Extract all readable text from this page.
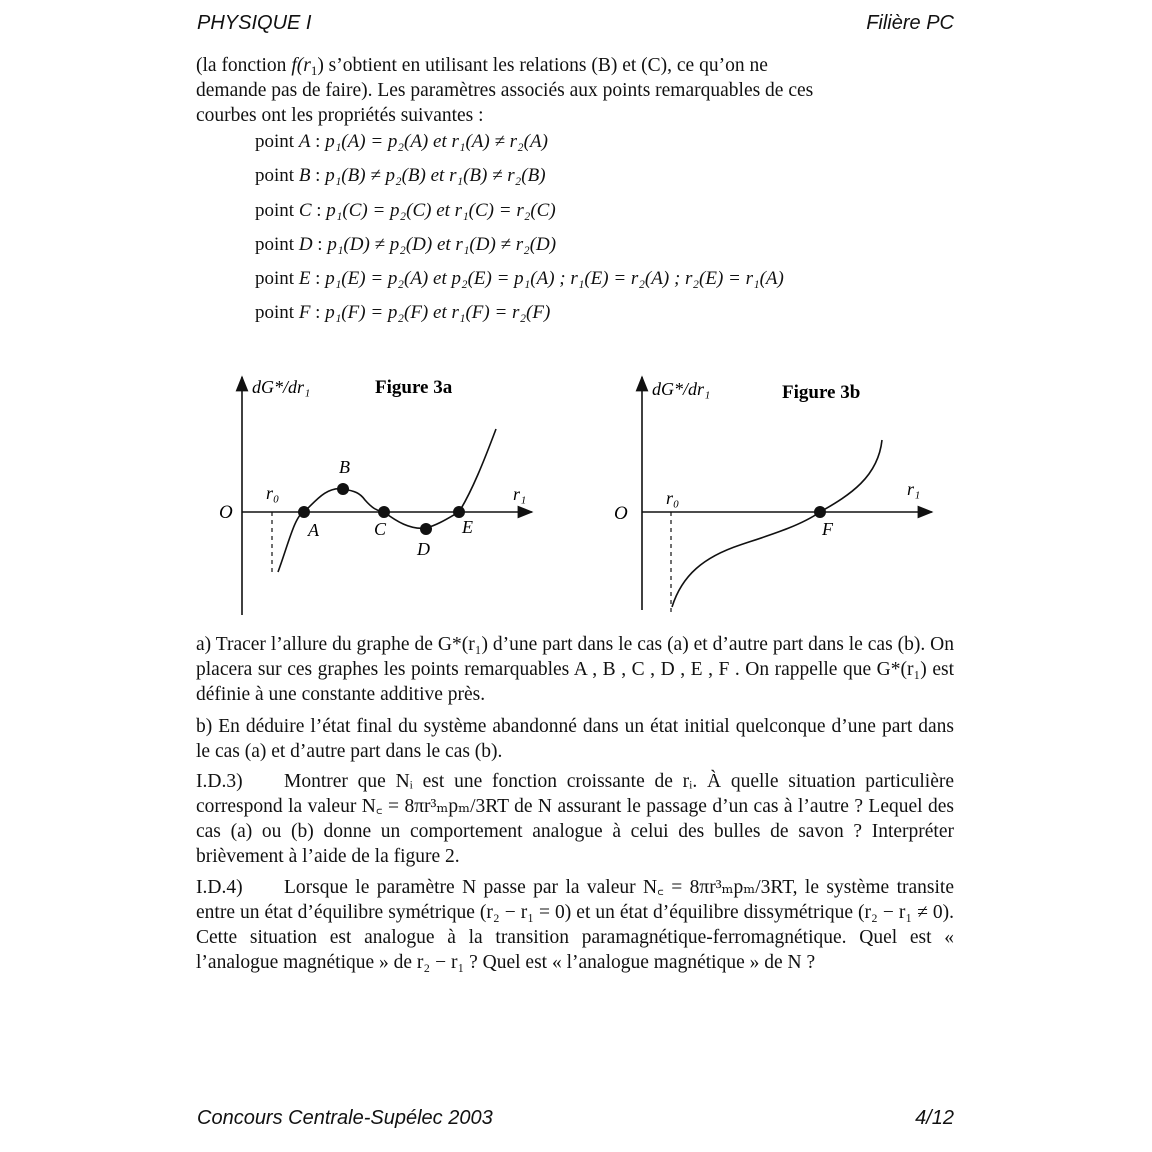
PHYSIQUE I	Filière PC
(la fonction $f(r_1)$ s’obtient en utilisant les relations (B) et (C), ce qu’on ne
demande pas de faire). Les paramètres associés aux points remarquables de ces
courbes ont les propriétés suivantes :
point A : p₁(A) = p₂(A) et r₁(A) ≠ r₂(A)
point B : p₁(B) ≠ p₂(B) et r₁(B) ≠ r₂(B)
point C : p₁(C) = p₂(C) et r₁(C) = r₂(C)
point D : p₁(D) ≠ p₂(D) et r₁(D) ≠ r₂(D)
point E : p₁(E) = p₂(A) et p₂(E) = p₁(A) ; r₁(E) = r₂(A) ; r₂(E) = r₁(A)
point F : p₁(F) = p₂(F) et r₁(F) = r₂(F)
dG*/dr₁	Figure 3a
O
r₀	r₁
A
B
C
D
E
dG*/dr₁	Figure 3b
O
r₀	r₁
F
a) Tracer l’allure du graphe de G*(r₁) d’une part dans le cas (a) et d’autre part dans le cas (b). On placera sur ces graphes les points remarquables A , B , C , D , E , F . On rappelle que G*(r₁) est définie à une constante additive près.
b) En déduire l’état final du système abandonné dans un état initial quelconque d’une part dans le cas (a) et d’autre part dans le cas (b).
I.D.3) Montrer que Nᵢ est une fonction croissante de rᵢ. À quelle situation particulière correspond la valeur N꜀ = 8πr³ₘpₘ/3RT de N assurant le passage d’un cas à l’autre ? Lequel des cas (a) ou (b) donne un comportement analogue à celui des bulles de savon ? Interpréter brièvement à l’aide de la figure 2.
I.D.4) Lorsque le paramètre N passe par la valeur N꜀ = 8πr³ₘpₘ/3RT, le système transite entre un état d’équilibre symétrique (r₂ − r₁ = 0) et un état d’équilibre dissymétrique (r₂ − r₁ ≠ 0). Cette situation est analogue à la transition paramagnétique-ferromagnétique. Quel est « l’analogue magnétique » de r₂ − r₁ ? Quel est « l’analogue magnétique » de N ?
Concours Centrale-Supélec 2003	4/12
